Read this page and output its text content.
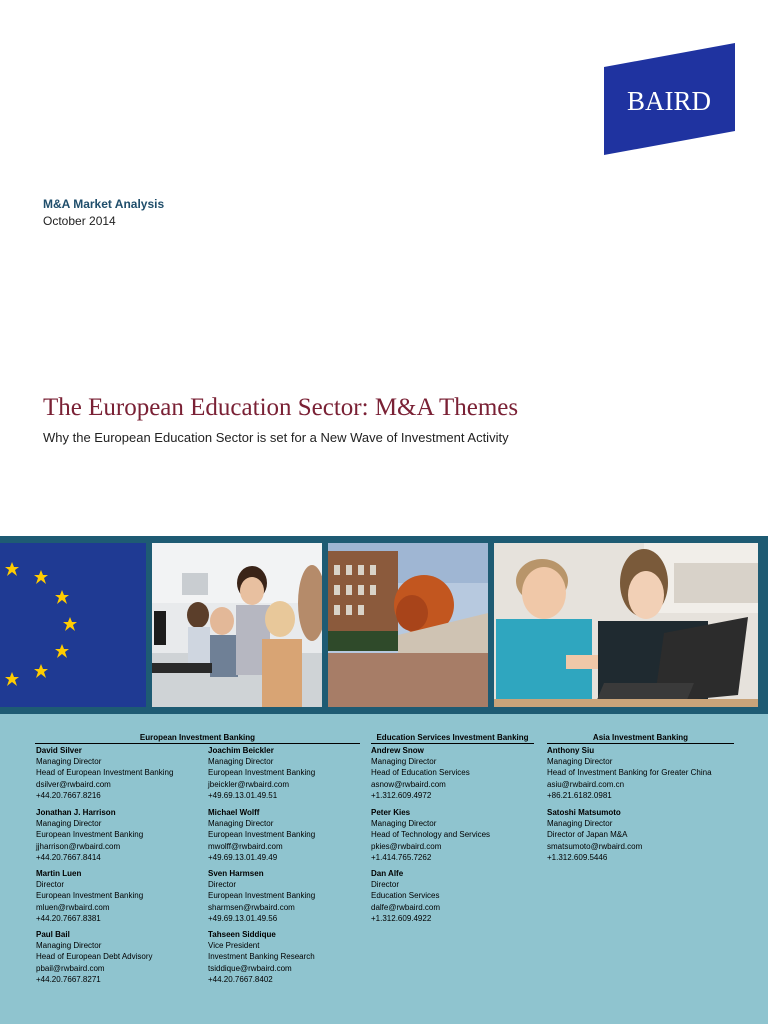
BAIRD
M&A Market Analysis
October 2014
The European Education Sector: M&A Themes
Why the European Education Sector is set for a New Wave of Investment Activity
European Investment Banking	Education Services Investment Banking	Asia Investment Banking
David Silver
Managing Director
Head of European Investment Banking
dsilver@rwbaird.com
+44.20.7667.8216
Jonathan J. Harrison
Managing Director
European Investment Banking
jjharrison@rwbaird.com
+44.20.7667.8414
Martin Luen
Director
European Investment Banking
mluen@rwbaird.com
+44.20.7667.8381
Paul Bail
Managing Director
Head of European Debt Advisory
pbail@rwbaird.com
+44.20.7667.8271
Joachim Beickler
Managing Director
European Investment Banking
jbeickler@rwbaird.com
+49.69.13.01.49.51
Michael Wolff
Managing Director
European Investment Banking
mwolff@rwbaird.com
+49.69.13.01.49.49
Sven Harmsen
Director
European Investment Banking
sharmsen@rwbaird.com
+49.69.13.01.49.56
Tahseen Siddique
Vice President
Investment Banking Research
tsiddique@rwbaird.com
+44.20.7667.8402
Andrew Snow
Managing Director
Head of Education Services
asnow@rwbaird.com
+1.312.609.4972
Peter Kies
Managing Director
Head of Technology and Services
pkies@rwbaird.com
+1.414.765.7262
Dan Alfe
Director
Education Services
dalfe@rwbaird.com
+1.312.609.4922
Anthony Siu
Managing Director
Head of Investment Banking for Greater China
asiu@rwbaird.com.cn
+86.21.6182.0981
Satoshi Matsumoto
Managing Director
Director of Japan M&A
smatsumoto@rwbaird.com
+1.312.609.5446
